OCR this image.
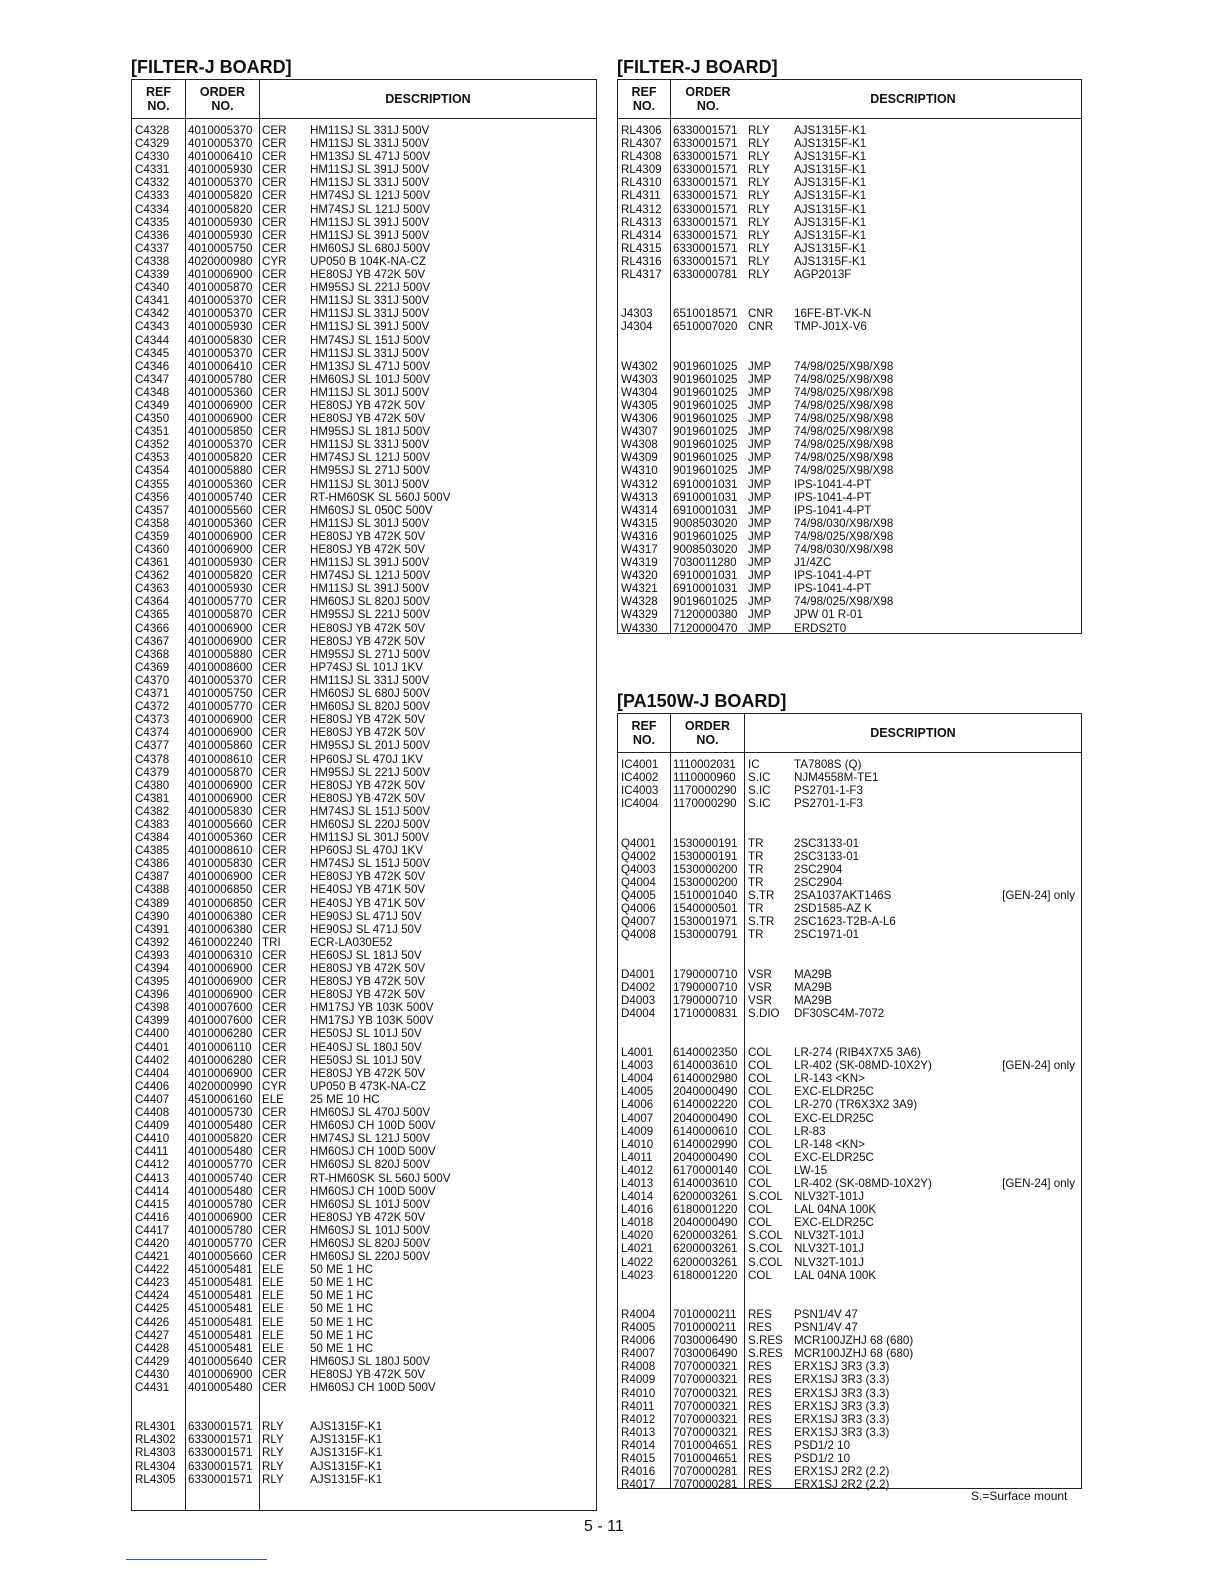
[FILTER-J BOARD]
REF
NO.
ORDER
NO.	DESCRIPTION
C4328	4010005370 CER	HM11SJ SL 331J 500V
C4329	4010005370 CER	HM11SJ SL 331J 500V
C4330	4010006410 CER	HM13SJ SL 471J 500V
C4331	4010005930 CER	HM11SJ SL 391J 500V
C4332	4010005370 CER	HM11SJ SL 331J 500V
C4333	4010005820 CER	HM74SJ SL 121J 500V
C4334	4010005820 CER	HM74SJ SL 121J 500V
C4335	4010005930 CER	HM11SJ SL 391J 500V
C4336	4010005930 CER	HM11SJ SL 391J 500V
C4337	4010005750 CER	HM60SJ SL 680J 500V
C4338	4020000980 CYR	UP050 B 104K-NA-CZ
C4339	4010006900 CER	HE80SJ YB 472K 50V
C4340	4010005870 CER	HM95SJ SL 221J 500V
C4341	4010005370 CER	HM11SJ SL 331J 500V
C4342	4010005370 CER	HM11SJ SL 331J 500V
C4343	4010005930 CER	HM11SJ SL 391J 500V
C4344	4010005830 CER	HM74SJ SL 151J 500V
C4345	4010005370 CER	HM11SJ SL 331J 500V
C4346	4010006410 CER	HM13SJ SL 471J 500V
C4347	4010005780 CER	HM60SJ SL 101J 500V
C4348	4010005360 CER	HM11SJ SL 301J 500V
C4349	4010006900 CER	HE80SJ YB 472K 50V
C4350	4010006900 CER	HE80SJ YB 472K 50V
C4351	4010005850 CER	HM95SJ SL 181J 500V
C4352	4010005370 CER	HM11SJ SL 331J 500V
C4353	4010005820 CER	HM74SJ SL 121J 500V
C4354	4010005880 CER	HM95SJ SL 271J 500V
C4355	4010005360 CER	HM11SJ SL 301J 500V
C4356	4010005740 CER	RT-HM60SK SL 560J 500V
C4357	4010005560 CER	HM60SJ SL 050C 500V
C4358	4010005360 CER	HM11SJ SL 301J 500V
C4359	4010006900 CER	HE80SJ YB 472K 50V
C4360	4010006900 CER	HE80SJ YB 472K 50V
C4361	4010005930 CER	HM11SJ SL 391J 500V
C4362	4010005820 CER	HM74SJ SL 121J 500V
C4363	4010005930 CER	HM11SJ SL 391J 500V
C4364	4010005770 CER	HM60SJ SL 820J 500V
C4365	4010005870 CER	HM95SJ SL 221J 500V
C4366	4010006900 CER	HE80SJ YB 472K 50V
C4367	4010006900 CER	HE80SJ YB 472K 50V
C4368	4010005880 CER	HM95SJ SL 271J 500V
C4369	4010008600 CER	HP74SJ SL 101J 1KV
C4370	4010005370 CER	HM11SJ SL 331J 500V
C4371	4010005750 CER	HM60SJ SL 680J 500V
C4372	4010005770 CER	HM60SJ SL 820J 500V
C4373	4010006900 CER	HE80SJ YB 472K 50V
C4374	4010006900 CER	HE80SJ YB 472K 50V
C4377	4010005860 CER	HM95SJ SL 201J 500V
C4378	4010008610 CER	HP60SJ SL 470J 1KV
C4379	4010005870 CER	HM95SJ SL 221J 500V
C4380	4010006900 CER	HE80SJ YB 472K 50V
C4381	4010006900 CER	HE80SJ YB 472K 50V
C4382	4010005830 CER	HM74SJ SL 151J 500V
C4383	4010005660 CER	HM60SJ SL 220J 500V
C4384	4010005360 CER	HM11SJ SL 301J 500V
C4385	4010008610 CER	HP60SJ SL 470J 1KV
C4386	4010005830 CER	HM74SJ SL 151J 500V
C4387	4010006900 CER	HE80SJ YB 472K 50V
C4388	4010006850 CER	HE40SJ YB 471K 50V
C4389	4010006850 CER	HE40SJ YB 471K 50V
C4390	4010006380 CER	HE90SJ SL 471J 50V
C4391	4010006380 CER	HE90SJ SL 471J 50V
C4392	4610002240 TRI	ECR-LA030E52
C4393	4010006310 CER	HE60SJ SL 181J 50V
C4394	4010006900 CER	HE80SJ YB 472K 50V
C4395	4010006900 CER	HE80SJ YB 472K 50V
C4396	4010006900 CER	HE80SJ YB 472K 50V
C4398	4010007600 CER	HM17SJ YB 103K 500V
C4399	4010007600 CER	HM17SJ YB 103K 500V
C4400	4010006280 CER	HE50SJ SL 101J 50V
C4401	4010006110 CER	HE40SJ SL 180J 50V
C4402	4010006280 CER	HE50SJ SL 101J 50V
C4404	4010006900 CER	HE80SJ YB 472K 50V
C4406	4020000990 CYR	UP050 B 473K-NA-CZ
C4407	4510006160 ELE	25 ME 10 HC
C4408	4010005730 CER	HM60SJ SL 470J 500V
C4409	4010005480 CER	HM60SJ CH 100D 500V
C4410	4010005820 CER	HM74SJ SL 121J 500V
C4411	4010005480 CER	HM60SJ CH 100D 500V
C4412	4010005770 CER	HM60SJ SL 820J 500V
C4413	4010005740 CER	RT-HM60SK SL 560J 500V
C4414	4010005480 CER	HM60SJ CH 100D 500V
C4415	4010005780 CER	HM60SJ SL 101J 500V
C4416	4010006900 CER	HE80SJ YB 472K 50V
C4417	4010005780 CER	HM60SJ SL 101J 500V
C4420	4010005770 CER	HM60SJ SL 820J 500V
C4421	4010005660 CER	HM60SJ SL 220J 500V
C4422	4510005481 ELE	50 ME 1 HC
C4423	4510005481 ELE	50 ME 1 HC
C4424	4510005481 ELE	50 ME 1 HC
C4425	4510005481 ELE	50 ME 1 HC
C4426	4510005481 ELE	50 ME 1 HC
C4427	4510005481 ELE	50 ME 1 HC
C4428	4510005481 ELE	50 ME 1 HC
C4429	4010005640 CER	HM60SJ SL 180J 500V
C4430	4010006900 CER	HE80SJ YB 472K 50V
C4431	4010005480 CER	HM60SJ CH 100D 500V
RL4301	6330001571 RLY	AJS1315F-K1
RL4302	6330001571 RLY	AJS1315F-K1
RL4303	6330001571 RLY	AJS1315F-K1
RL4304	6330001571 RLY	AJS1315F-K1
RL4305	6330001571 RLY	AJS1315F-K1
[FILTER-J BOARD]
REF
NO.
ORDER
NO.	DESCRIPTION
RL4306 6330001571 RLY	AJS1315F-K1
RL4307 6330001571 RLY	AJS1315F-K1
RL4308 6330001571 RLY	AJS1315F-K1
RL4309 6330001571 RLY	AJS1315F-K1
RL4310 6330001571 RLY	AJS1315F-K1
RL4311	6330001571 RLY	AJS1315F-K1
RL4312 6330001571 RLY	AJS1315F-K1
RL4313 6330001571 RLY	AJS1315F-K1
RL4314 6330001571 RLY	AJS1315F-K1
RL4315 6330001571 RLY	AJS1315F-K1
RL4316 6330001571 RLY	AJS1315F-K1
RL4317 6330000781 RLY	AGP2013F
J4303	6510018571 CNR	16FE-BT-VK-N
J4304	6510007020 CNR	TMP-J01X-V6
W4302	9019601025 JMP	74/98/025/X98/X98
W4303	9019601025 JMP	74/98/025/X98/X98
W4304	9019601025 JMP	74/98/025/X98/X98
W4305	9019601025 JMP	74/98/025/X98/X98
W4306	9019601025 JMP	74/98/025/X98/X98
W4307	9019601025 JMP	74/98/025/X98/X98
W4308	9019601025 JMP	74/98/025/X98/X98
W4309	9019601025 JMP	74/98/025/X98/X98
W4310	9019601025 JMP	74/98/025/X98/X98
W4312	6910001031 JMP	IPS-1041-4-PT
W4313	6910001031 JMP	IPS-1041-4-PT
W4314	6910001031 JMP	IPS-1041-4-PT
W4315	9008503020 JMP	74/98/030/X98/X98
W4316	9019601025 JMP	74/98/025/X98/X98
W4317	9008503020 JMP	74/98/030/X98/X98
W4319	7030011280 JMP	J1/4ZC
W4320	6910001031 JMP	IPS-1041-4-PT
W4321	6910001031 JMP	IPS-1041-4-PT
W4328	9019601025 JMP	74/98/025/X98/X98
W4329	7120000380 JMP	JPW 01 R-01
W4330	7120000470 JMP	ERDS2T0
[PA150W-J BOARD]
REF
NO.
ORDER
NO.	DESCRIPTION
IC4001	1110002031	IC	TA7808S (Q)
IC4002	1110000960	S.IC	NJM4558M-TE1
IC4003	1170000290 S.IC	PS2701-1-F3
IC4004	1170000290 S.IC	PS2701-1-F3
Q4001	1530000191 TR	2SC3133-01
Q4002	1530000191 TR	2SC3133-01
Q4003	1530000200 TR	2SC2904
Q4004	1530000200 TR	2SC2904
Q4005	1510001040 S.TR	2SA1037AKT146S	[GEN-24] only
Q4006	1540000501 TR	2SD1585-AZ K
Q4007	1530001971 S.TR	2SC1623-T2B-A-L6
Q4008	1530000791 TR	2SC1971-01
D4001	1790000710 VSR	MA29B
D4002	1790000710 VSR	MA29B
D4003	1790000710 VSR	MA29B
D4004	1710000831 S.DIO	DF30SC4M-7072
L4001	6140002350 COL	LR-274 (RIB4X7X5 3A6)
L4003	6140003610 COL	LR-402 (SK-08MD-10X2Y)	[GEN-24] only
L4004	6140002980 COL	LR-143 <KN>
L4005	2040000490 COL	EXC-ELDR25C
L4006	6140002220 COL	LR-270 (TR6X3X2 3A9)
L4007	2040000490 COL	EXC-ELDR25C
L4009	6140000610 COL	LR-83
L4010	6140002990 COL	LR-148 <KN>
L4011	2040000490 COL	EXC-ELDR25C
L4012	6170000140 COL	LW-15
L4013	6140003610 COL	LR-402 (SK-08MD-10X2Y)	[GEN-24] only
L4014	6200003261 S.COL NLV32T-101J
L4016	6180001220 COL	LAL 04NA 100K
L4018	2040000490 COL	EXC-ELDR25C
L4020	6200003261 S.COL NLV32T-101J
L4021	6200003261 S.COL NLV32T-101J
L4022	6200003261 S.COL NLV32T-101J
L4023	6180001220 COL	LAL 04NA 100K
R4004	7010000211 RES	PSN1/4V 47
R4005	7010000211 RES	PSN1/4V 47
R4006	7030006490 S.RES MCR100JZHJ 68 (680)
R4007	7030006490 S.RES MCR100JZHJ 68 (680)
R4008	7070000321 RES	ERX1SJ 3R3 (3.3)
R4009	7070000321 RES	ERX1SJ 3R3 (3.3)
R4010	7070000321 RES	ERX1SJ 3R3 (3.3)
R4011	7070000321 RES	ERX1SJ 3R3 (3.3)
R4012	7070000321 RES	ERX1SJ 3R3 (3.3)
R4013	7070000321 RES	ERX1SJ 3R3 (3.3)
R4014	7010004651 RES	PSD1/2 10
R4015	7010004651 RES	PSD1/2 10
R4016	7070000281 RES	ERX1SJ 2R2 (2.2)
R4017	7070000281 RES	ERX1SJ 2R2 (2.2)
S.=Surface mount
5 - 11
